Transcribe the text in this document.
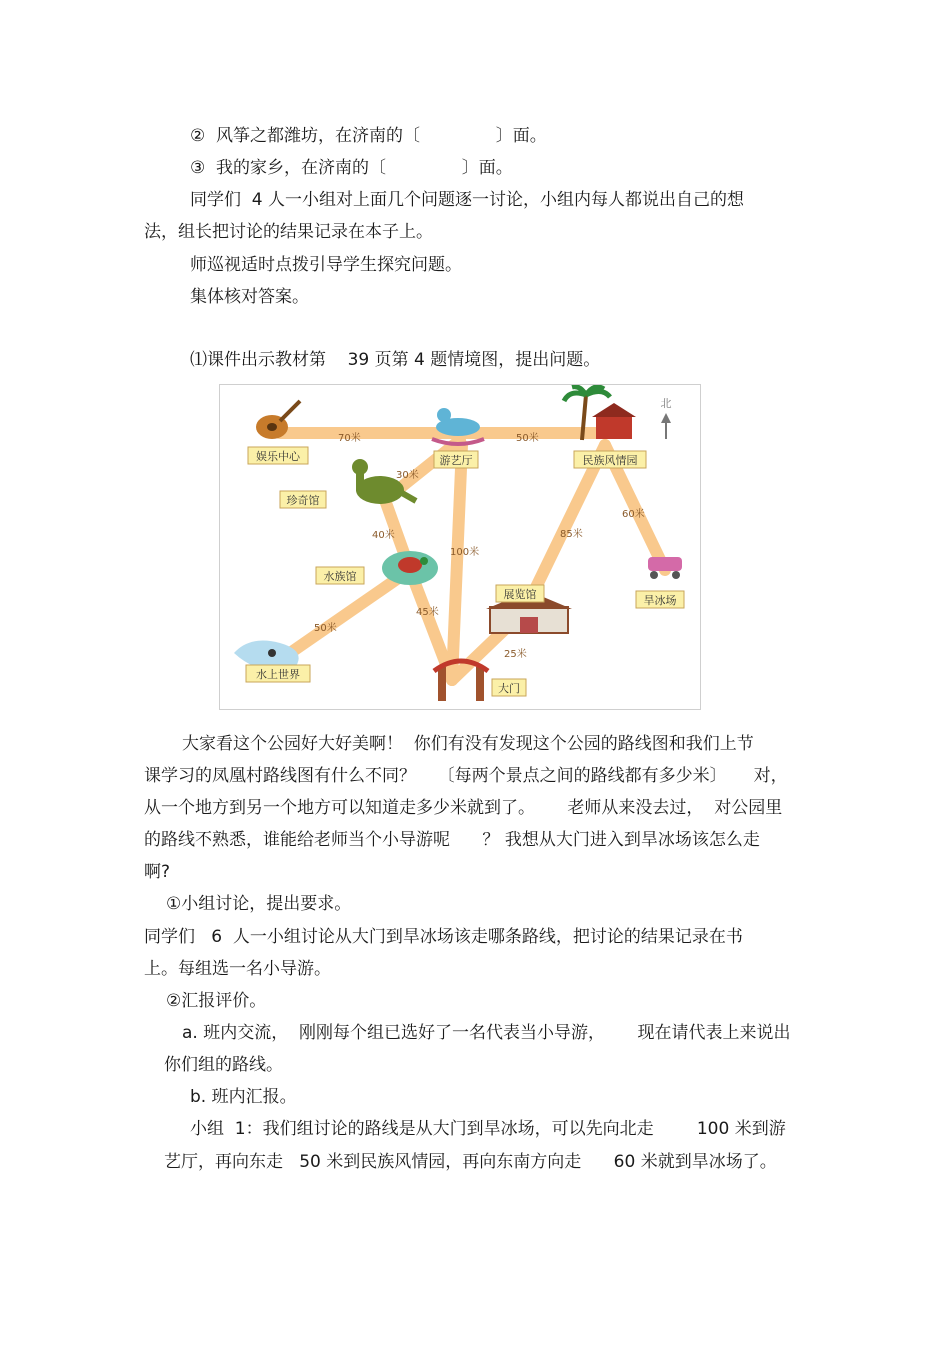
②  风筝之都潍坊，在济南的〔              〕面。
③  我的家乡，在济南的〔              〕面。
同学们  4 人一小组对上面几个问题逐一讨论，小组内每人都说出自己的想
法，组长把讨论的结果记录在本子上。
师巡视适时点拨引导学生探究问题。
集体核对答案。
⑴课件出示教材第    39 页第 4 题情境图，提出问题。
北
70米	50米
30米
40米
100米
45米
50米
85米
60米
25米
娱乐中心	游艺厅	民族风情园
珍奇馆
水族馆
展览馆	旱冰场
水上世界
大门
大家看这个公园好大好美啊！  你们有没有发现这个公园的路线图和我们上节
课学习的凤凰村路线图有什么不同？    〔每两个景点之间的路线都有多少米〕     对，
从一个地方到另一个地方可以知道走多少米就到了。      老师从来没去过，  对公园里
的路线不熟悉，谁能给老师当个小导游呢      ？ 我想从大门进入到旱冰场该怎么走
啊?
①小组讨论，提出要求。
同学们   6  人一小组讨论从大门到旱冰场该走哪条路线，把讨论的结果记录在书
上。每组选一名小导游。
②汇报评价。
a. 班内交流，  刚刚每个组已选好了一名代表当小导游，      现在请代表上来说出
你们组的路线。
b. 班内汇报。
小组  1：我们组讨论的路线是从大门到旱冰场，可以先向北走        100 米到游
艺厅，再向东走   50 米到民族风情园，再向东南方向走      60 米就到旱冰场了。
